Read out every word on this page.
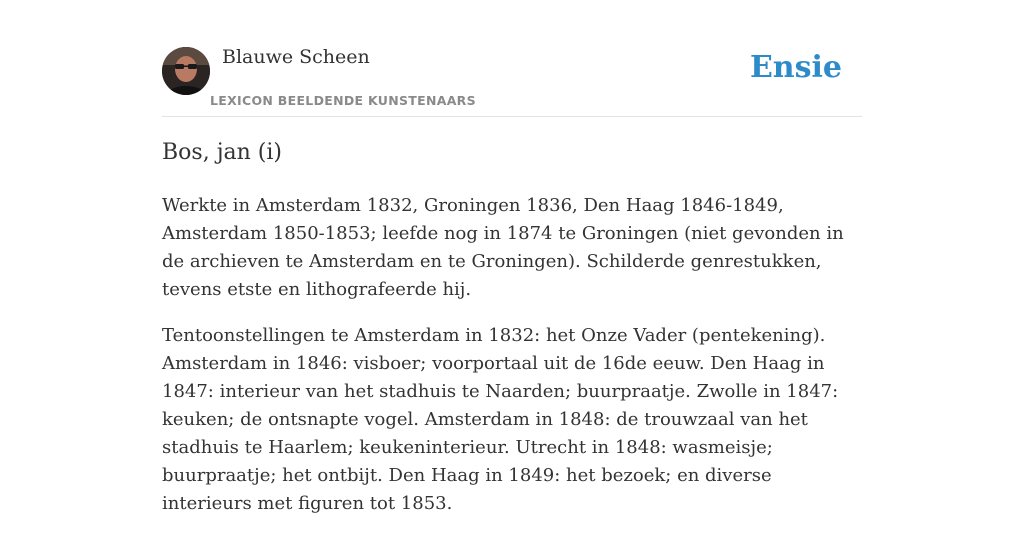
Blauwe Scheen
LEXICON BEELDENDE KUNSTENAARS
Ensie
Bos, jan (i)

Werkte in Amsterdam 1832, Groningen 1836, Den Haag 1846-1849, Amsterdam 1850-1853; leefde nog in 1874 te Groningen (niet gevonden in de archieven te Amsterdam en te Groningen). Schilderde genrestukken, tevens etste en lithografeerde hij.

Tentoonstellingen te Amsterdam in 1832: het Onze Vader (pentekening). Amsterdam in 1846: visboer; voorportaal uit de 16de eeuw. Den Haag in 1847: interieur van het stadhuis te Naarden; buurpraatje. Zwolle in 1847: keuken; de ontsnapte vogel. Amsterdam in 1848: de trouwzaal van het stadhuis te Haarlem; keukeninterieur. Utrecht in 1848: wasmeisje; buurpraatje; het ontbijt. Den Haag in 1849: het bezoek; en diverse interieurs met figuren tot 1853.
